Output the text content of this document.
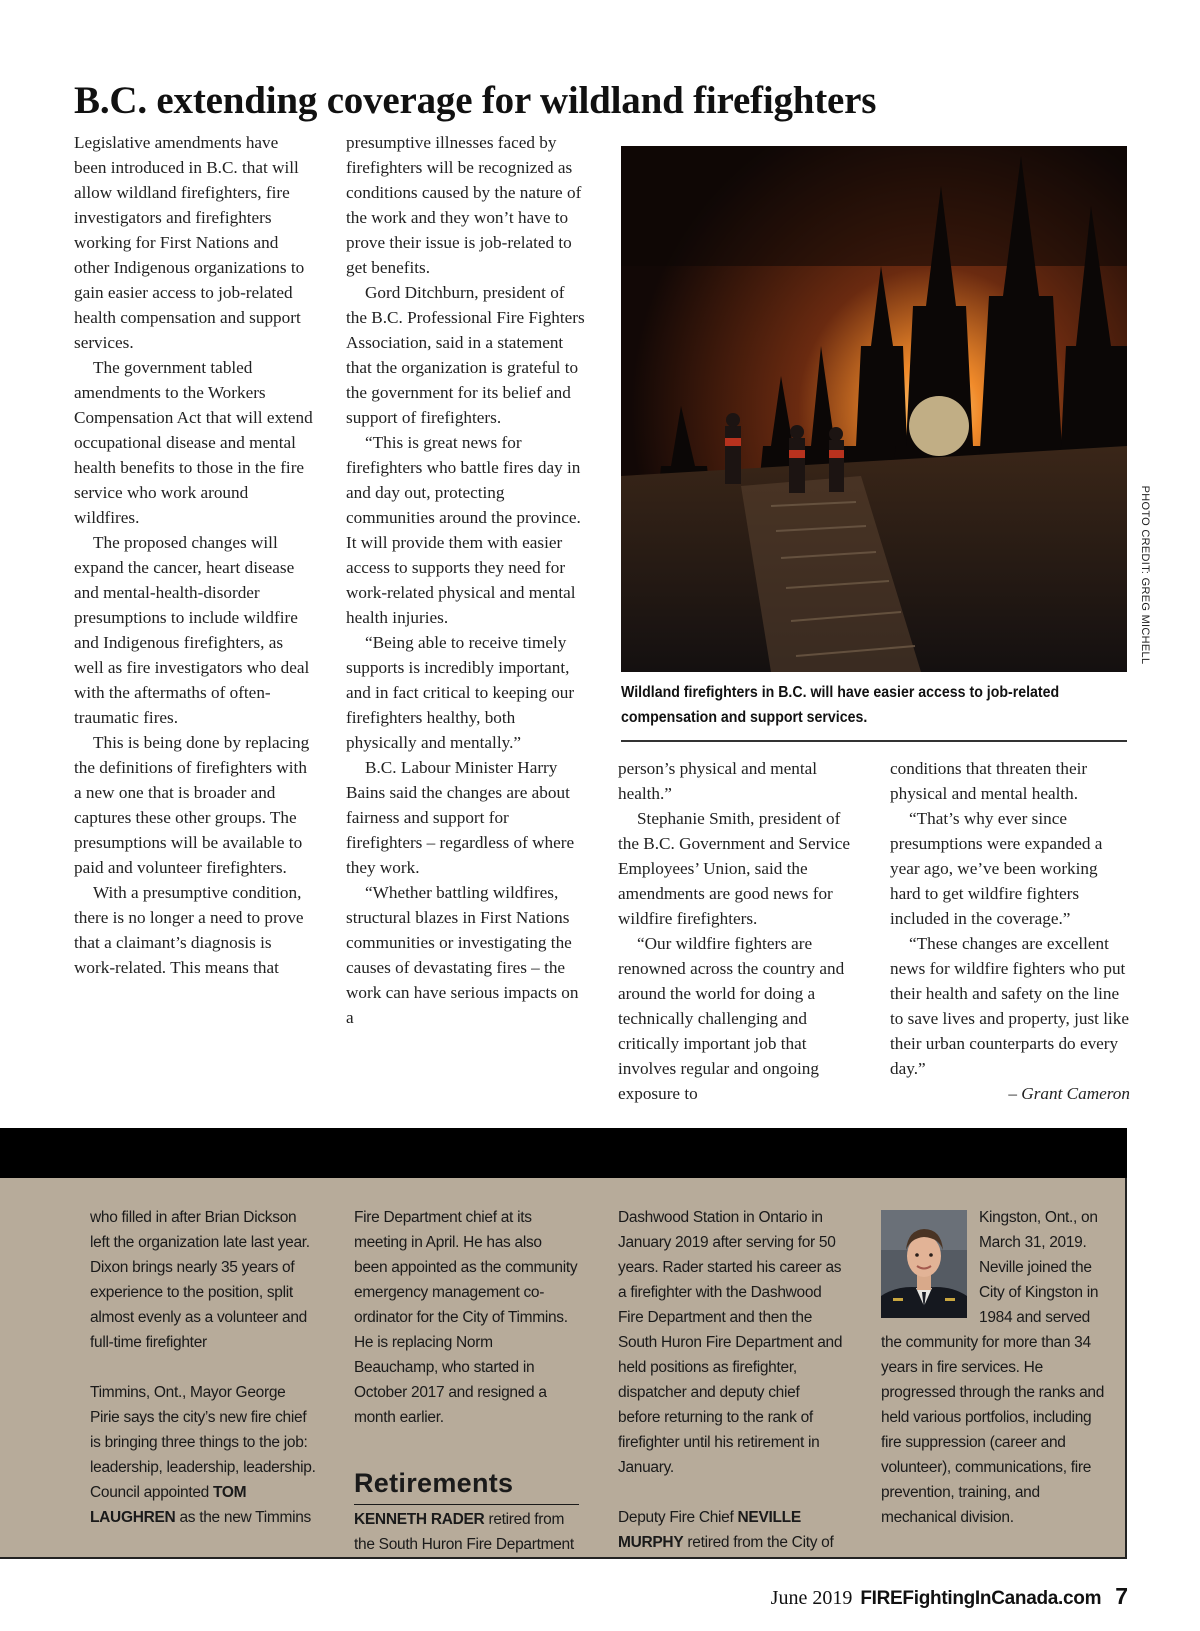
B.C. extending coverage for wildland firefighters

Legislative amendments have been introduced in B.C. that will allow wildland firefighters, fire investigators and firefighters working for First Nations and other Indigenous organizations to gain easier access to job-related health compensation and support services.

The government tabled amendments to the Workers Compensation Act that will extend occupational disease and mental health benefits to those in the fire service who work around wildfires.

The proposed changes will expand the cancer, heart disease and mental-health-disorder presumptions to include wildfire and Indigenous firefighters, as well as fire investigators who deal with the aftermaths of often-traumatic fires.

This is being done by replacing the definitions of firefighters with a new one that is broader and captures these other groups. The presumptions will be available to paid and volunteer firefighters.

With a presumptive condition, there is no longer a need to prove that a claimant’s diagnosis is work-related. This means that

presumptive illnesses faced by firefighters will be recognized as conditions caused by the nature of the work and they won’t have to prove their issue is job-related to get benefits.

Gord Ditchburn, president of the B.C. Professional Fire Fighters Association, said in a statement that the organization is grateful to the government for its belief and support of firefighters.

“This is great news for firefighters who battle fires day in and day out, protecting communities around the province. It will provide them with easier access to supports they need for work-related physical and mental health injuries.

“Being able to receive timely supports is incredibly important, and in fact critical to keeping our firefighters healthy, both physically and mentally.”

B.C. Labour Minister Harry Bains said the changes are about fairness and support for firefighters – regardless of where they work.

“Whether battling wildfires, structural blazes in First Nations communities or investigating the causes of devastating fires – the work can have serious impacts on a

PHOTO CREDIT: GREG MICHELL
Wildland firefighters in B.C. will have easier access to job-related compensation and support services.

person’s physical and mental health.”

Stephanie Smith, president of the B.C. Government and Service Employees’ Union, said the amendments are good news for wildfire firefighters.

“Our wildfire fighters are renowned across the country and around the world for doing a technically challenging and critically important job that involves regular and ongoing exposure to

conditions that threaten their physical and mental health.

“That’s why ever since presumptions were expanded a year ago, we’ve been working hard to get wildfire fighters included in the coverage.”

“These changes are excellent news for wildfire fighters who put their health and safety on the line to save lives and property, just like their urban counterparts do every day.”

– Grant Cameron

who filled in after Brian Dickson left the organization late last year. Dixon brings nearly 35 years of experience to the position, split almost evenly as a volunteer and full-time firefighter

Timmins, Ont., Mayor George Pirie says the city’s new fire chief is bringing three things to the job: leadership, leadership, leadership. Council appointed TOM LAUGHREN as the new Timmins

Fire Department chief at its meeting in April. He has also been appointed as the community emergency management co-ordinator for the City of Timmins. He is replacing Norm Beauchamp, who started in October 2017 and resigned a month earlier.

Retirements

KENNETH RADER retired from the South Huron Fire Department

Dashwood Station in Ontario in January 2019 after serving for 50 years. Rader started his career as a firefighter with the Dashwood Fire Department and then the South Huron Fire Department and held positions as firefighter, dispatcher and deputy chief before returning to the rank of firefighter until his retirement in January.

Deputy Fire Chief NEVILLE MURPHY retired from the City of

Kingston, Ont., on March 31, 2019. Neville joined the City of Kingston in 1984 and served the community for more than 34 years in fire services. He progressed through the ranks and held various portfolios, including fire suppression (career and volunteer), communications, fire prevention, training, and mechanical division.

June 2019 FIREFightingInCanada.com 7
